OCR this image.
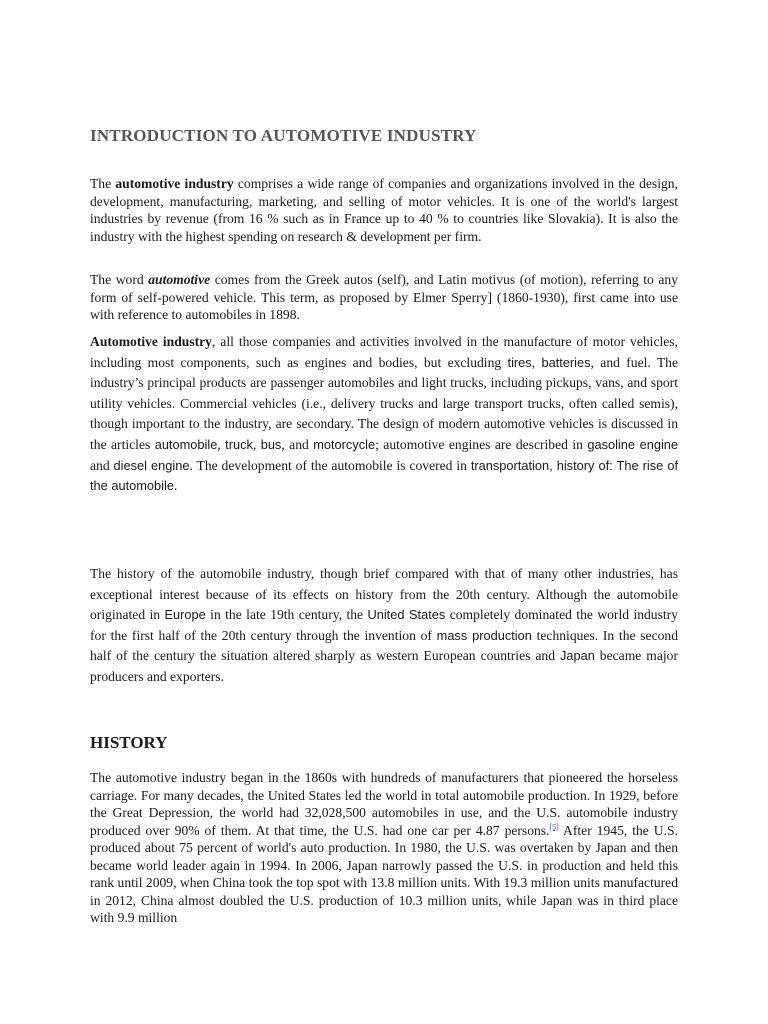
INTRODUCTION TO AUTOMOTIVE INDUSTRY

The automotive industry comprises a wide range of companies and organizations involved in the design, development, manufacturing, marketing, and selling of motor vehicles. It is one of the world's largest industries by revenue (from 16 % such as in France up to 40 % to countries like Slovakia). It is also the industry with the highest spending on research & development per firm.

The word automotive comes from the Greek autos (self), and Latin motivus (of motion), referring to any form of self-powered vehicle. This term, as proposed by Elmer Sperry] (1860-1930), first came into use with reference to automobiles in 1898.

Automotive industry, all those companies and activities involved in the manufacture of motor vehicles, including most components, such as engines and bodies, but excluding tires, batteries, and fuel. The industry’s principal products are passenger automobiles and light trucks, including pickups, vans, and sport utility vehicles. Commercial vehicles (i.e., delivery trucks and large transport trucks, often called semis), though important to the industry, are secondary. The design of modern automotive vehicles is discussed in the articles automobile, truck, bus, and motorcycle; automotive engines are described in gasoline engine and diesel engine. The development of the automobile is covered in transportation, history of: The rise of the automobile.

The history of the automobile industry, though brief compared with that of many other industries, has exceptional interest because of its effects on history from the 20th century. Although the automobile originated in Europe in the late 19th century, the United States completely dominated the world industry for the first half of the 20th century through the invention of mass production techniques. In the second half of the century the situation altered sharply as western European countries and Japan became major producers and exporters.

HISTORY

The automotive industry began in the 1860s with hundreds of manufacturers that pioneered the horseless carriage. For many decades, the United States led the world in total automobile production. In 1929, before the Great Depression, the world had 32,028,500 automobiles in use, and the U.S. automobile industry produced over 90% of them. At that time, the U.S. had one car per 4.87 persons.[5] After 1945, the U.S. produced about 75 percent of world's auto production. In 1980, the U.S. was overtaken by Japan and then became world leader again in 1994. In 2006, Japan narrowly passed the U.S. in production and held this rank until 2009, when China took the top spot with 13.8 million units. With 19.3 million units manufactured in 2012, China almost doubled the U.S. production of 10.3 million units, while Japan was in third place with 9.9 million
